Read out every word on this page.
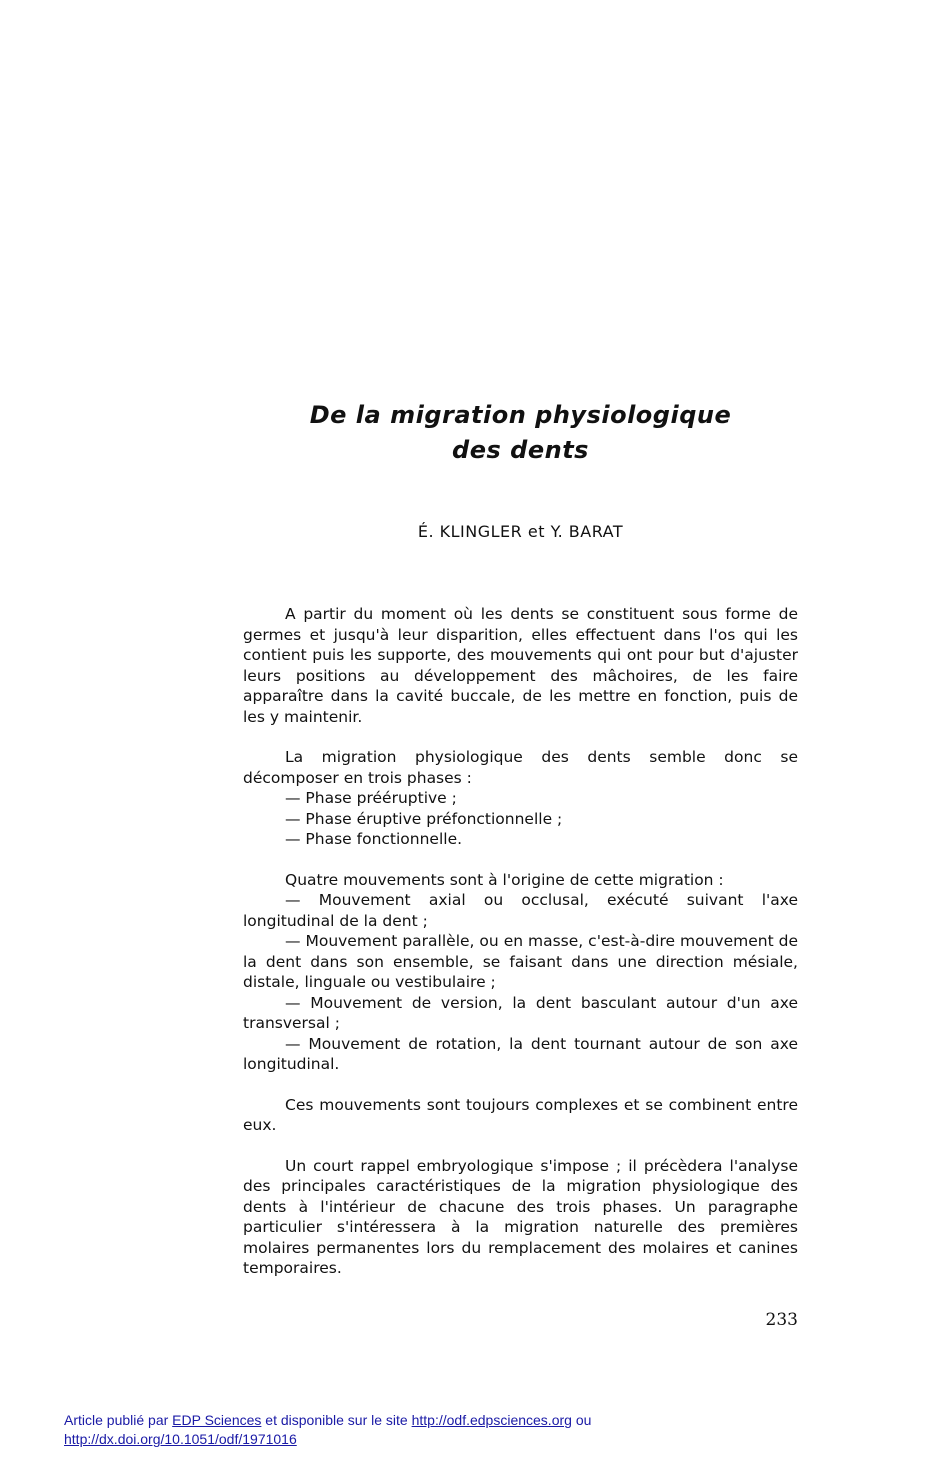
De la migration physiologique
des dents
É. KLINGLER et Y. BARAT

A partir du moment où les dents se constituent sous forme de germes et jusqu'à leur disparition, elles effectuent dans l'os qui les contient puis les supporte, des mouvements qui ont pour but d'ajuster leurs positions au développement des mâchoires, de les faire apparaître dans la cavité buccale, de les mettre en fonction, puis de les y maintenir.

La migration physiologique des dents semble donc se décomposer en trois phases :

— Phase prééruptive ;
— Phase éruptive préfonctionnelle ;
— Phase fonctionnelle.

Quatre mouvements sont à l'origine de cette migration :

— Mouvement axial ou occlusal, exécuté suivant l'axe longitudinal de la dent ;

— Mouvement parallèle, ou en masse, c'est-à-dire mouvement de la dent dans son ensemble, se faisant dans une direction mésiale, distale, linguale ou vestibulaire ;

— Mouvement de version, la dent basculant autour d'un axe transversal ;

— Mouvement de rotation, la dent tournant autour de son axe longitudinal.

Ces mouvements sont toujours complexes et se combinent entre eux.

Un court rappel embryologique s'impose ; il précèdera l'analyse des principales caractéristiques de la migration physiologique des dents à l'intérieur de chacune des trois phases. Un paragraphe particulier s'intéressera à la migration naturelle des premières molaires permanentes lors du remplacement des molaires et canines temporaires.

233
Article publié par EDP Sciences et disponible sur le site http://odf.edpsciences.org ou
http://dx.doi.org/10.1051/odf/1971016
